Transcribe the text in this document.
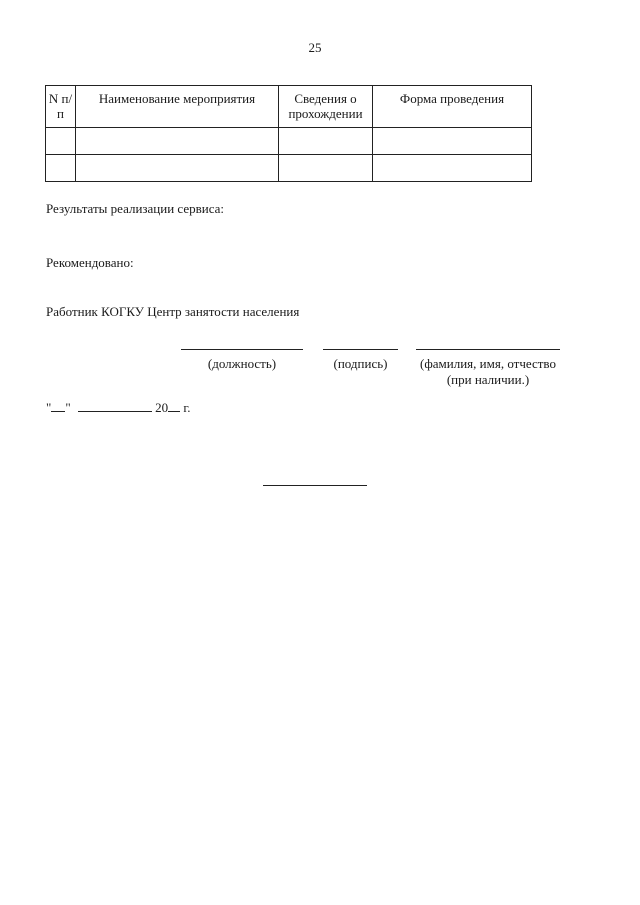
25
N п/п	Наименование мероприятия	Сведения о прохождении	Форма проведения

Результаты реализации сервиса:
Рекомендовано:
Работник КОГКУ Центр занятости населения
(должность)	(подпись)	(фамилия, имя, отчество (при наличии.)
" "	20 г.
